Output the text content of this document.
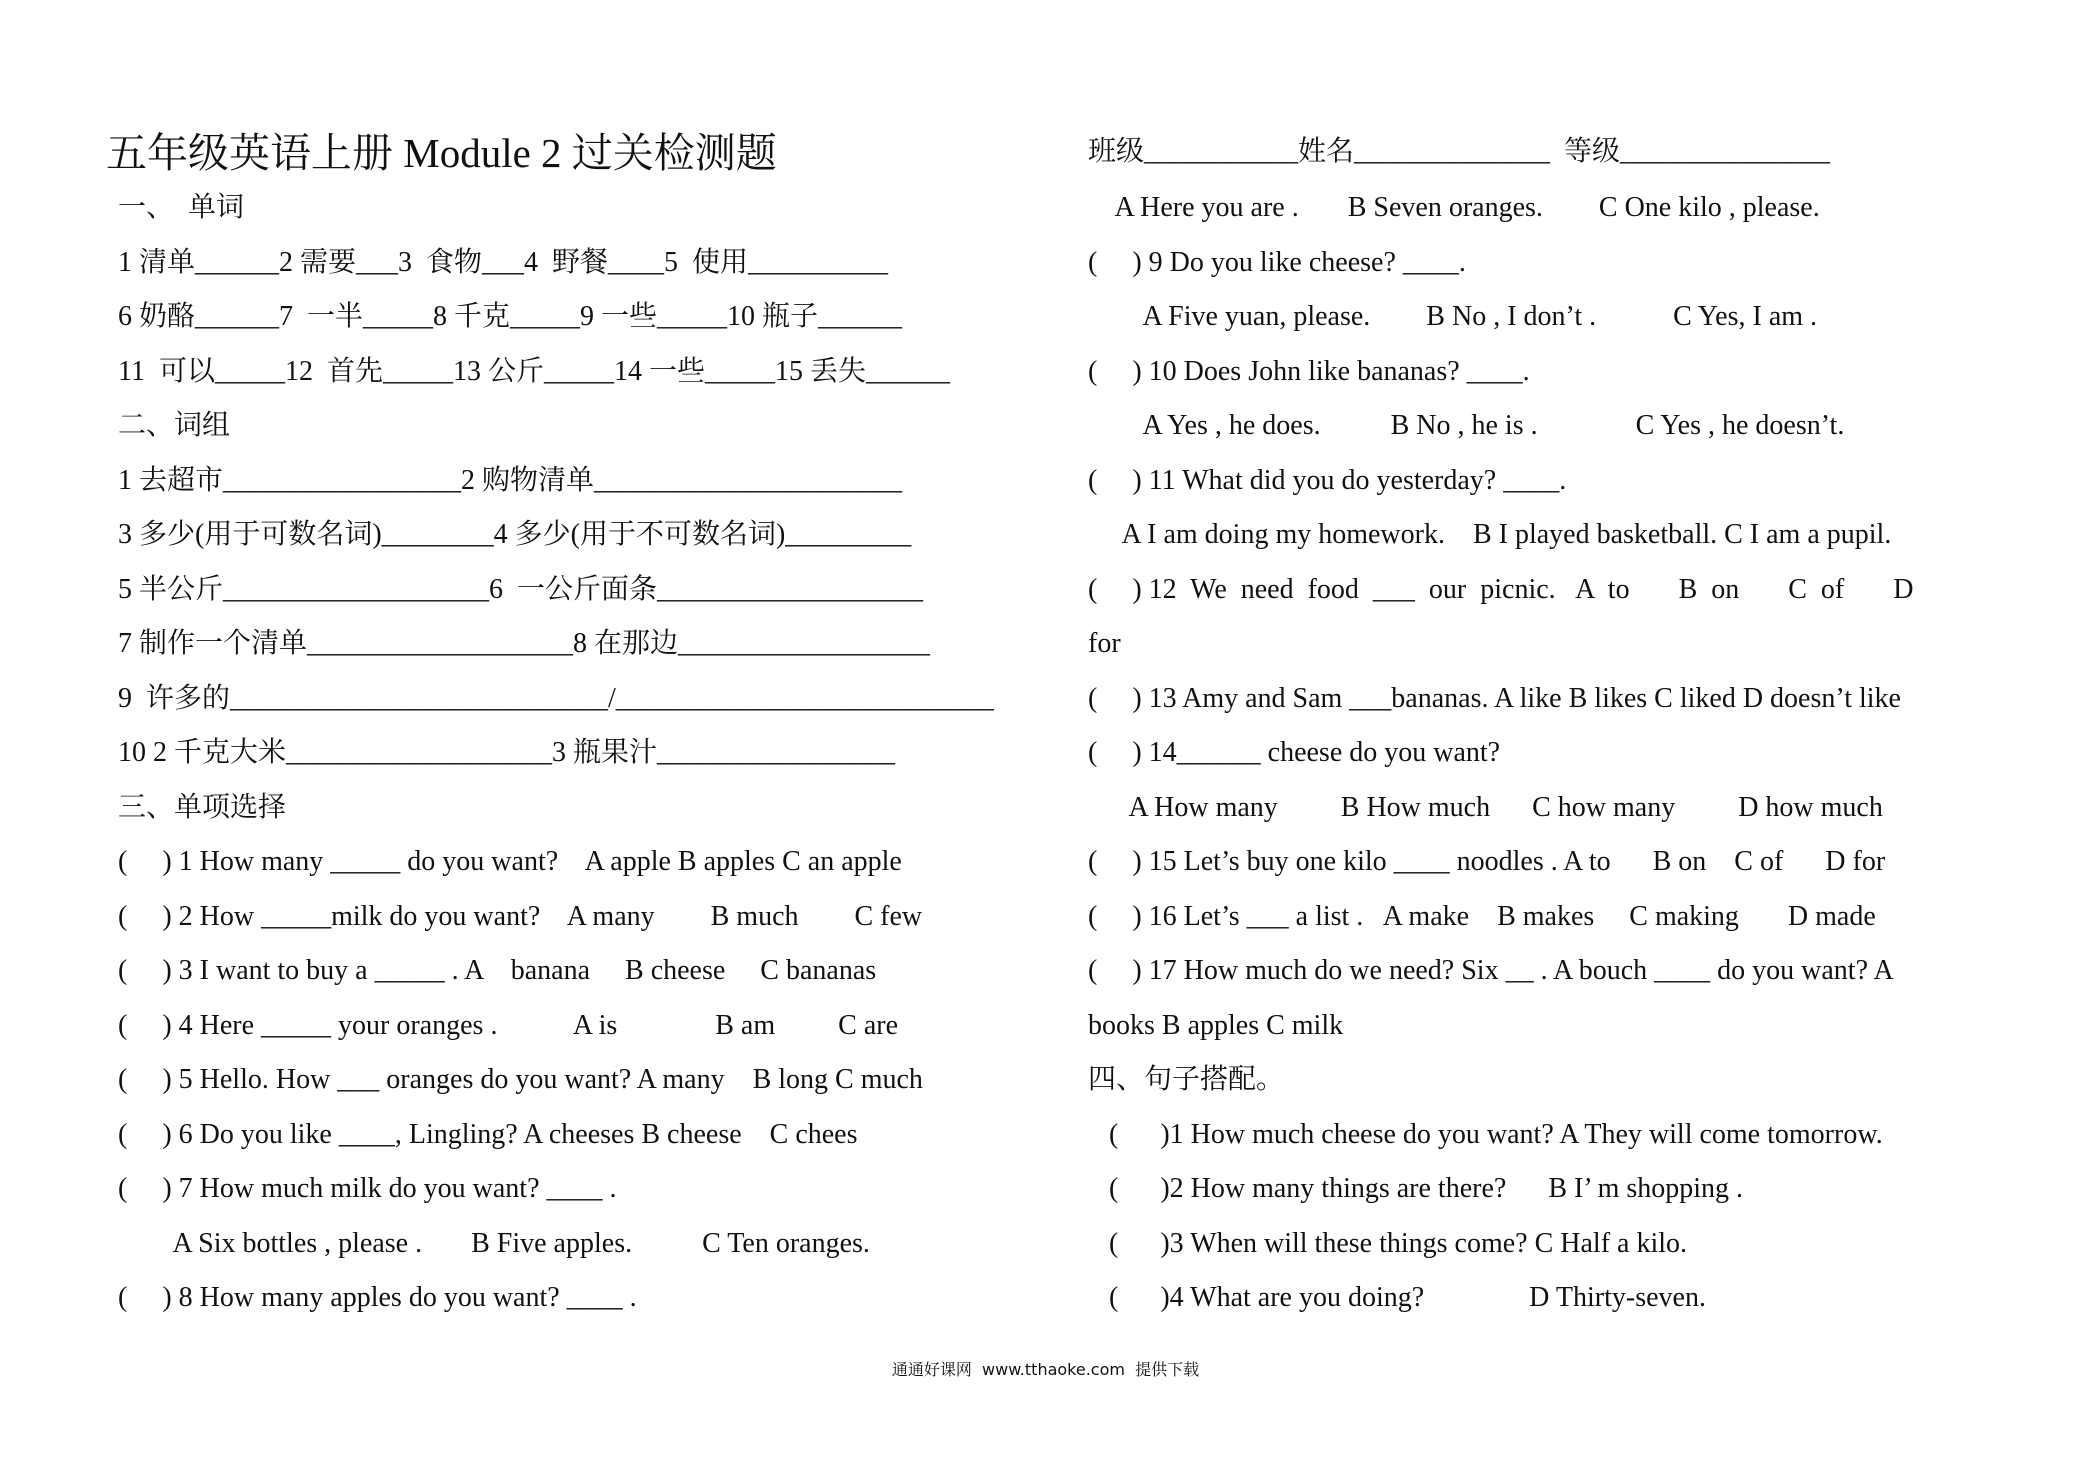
五年级英语上册 Module 2 过关检测题
一、  单词
1 清单______2 需要___3  食物___4  野餐____5  使用__________
6 奶酪______7  一半_____8 千克_____9 一些_____10 瓶子______
11  可以_____12  首先_____13 公斤_____14 一些_____15 丢失______
二、词组
1 去超市_________________2 购物清单______________________
3 多少(用于可数名词)________4 多少(用于不可数名词)_________
5 半公斤___________________6  一公斤面条___________________
7 制作一个清单___________________8 在那边__________________
9  许多的___________________________/___________________________
10 2 千克大米___________________3 瓶果汁_________________
三、单项选择
(     ) 1 How many _____ do you want?    A apple B apples C an apple
(     ) 2 How _____milk do you want?    A many        B much        C few
(     ) 3 I want to buy a _____ . A    banana     B cheese     C bananas
(     ) 4 Here _____ your oranges .           A is              B am         C are
(     ) 5 Hello. How ___ oranges do you want? A many    B long C much
(     ) 6 Do you like ____, Lingling? A cheeses B cheese    C chees
(     ) 7 How much milk do you want? ____ .
A Six bottles , please .       B Five apples.          C Ten oranges.
(     ) 8 How many apples do you want? ____ .
班级___________姓名______________  等级_______________
A Here you are .       B Seven oranges.        C One kilo , please.
(     ) 9 Do you like cheese? ____.
A Five yuan, please.        B No , I don’t .           C Yes, I am .
(     ) 10 Does John like bananas? ____.
A Yes , he does.          B No , he is .              C Yes , he doesn’t.
(     ) 11 What did you do yesterday? ____.
A I am doing my homework.    B I played basketball. C I am a pupil.
(     ) 12  We  need  food  ___  our  picnic.   A  to       B  on       C  of       D
for
(     ) 13 Amy and Sam ___bananas. A like B likes C liked D doesn’t like
(     ) 14______ cheese do you want?
A How many         B How much      C how many         D how much
(     ) 15 Let’s buy one kilo ____ noodles . A to      B on    C of      D for
(     ) 16 Let’s ___ a list .   A make    B makes     C making       D made
(     ) 17 How much do we need? Six __ . A bouch ____ do you want? A
books B apples C milk
四、句子搭配。
(      )1 How much cheese do you want? A They will come tomorrow.
(      )2 How many things are there?      B I’ m shopping .
(      )3 When will these things come? C Half a kilo.
(      )4 What are you doing?               D Thirty-seven.
通通好课网  www.tthaoke.com  提供下载
